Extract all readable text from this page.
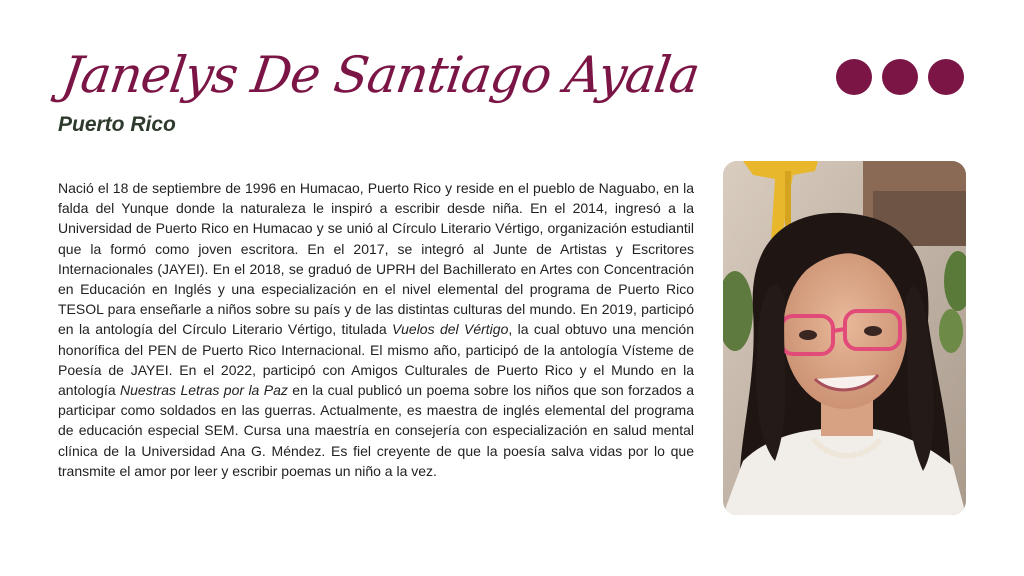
Janelys De Santiago Ayala
Puerto Rico

Nació el 18 de septiembre de 1996 en Humacao, Puerto Rico y reside en el pueblo de Naguabo, en la falda del Yunque donde la naturaleza le inspiró a escribir desde niña. En el 2014, ingresó a la Universidad de Puerto Rico en Humacao y se unió al Círculo Literario Vértigo, organización estudiantil que la formó como joven escritora. En el 2017, se integró al Junte de Artistas y Escritores Internacionales (JAYEI). En el 2018, se graduó de UPRH del Bachillerato en Artes con Concentración en Educación en Inglés y una especialización en el nivel elemental del programa de Puerto Rico TESOL para enseñarle a niños sobre su país y de las distintas culturas del mundo. En 2019, participó en la antología del Círculo Literario Vértigo, titulada Vuelos del Vértigo, la cual obtuvo una mención honorífica del PEN de Puerto Rico Internacional. El mismo año, participó de la antología Vísteme de Poesía de JAYEI. En el 2022, participó con Amigos Culturales de Puerto Rico y el Mundo en la antología Nuestras Letras por la Paz en la cual publicó un poema sobre los niños que son forzados a participar como soldados en las guerras. Actualmente, es maestra de inglés elemental del programa de educación especial SEM. Cursa una maestría en consejería con especialización en salud mental clínica de la Universidad Ana G. Méndez. Es fiel creyente de que la poesía salva vidas por lo que transmite el amor por leer y escribir poemas un niño a la vez.
